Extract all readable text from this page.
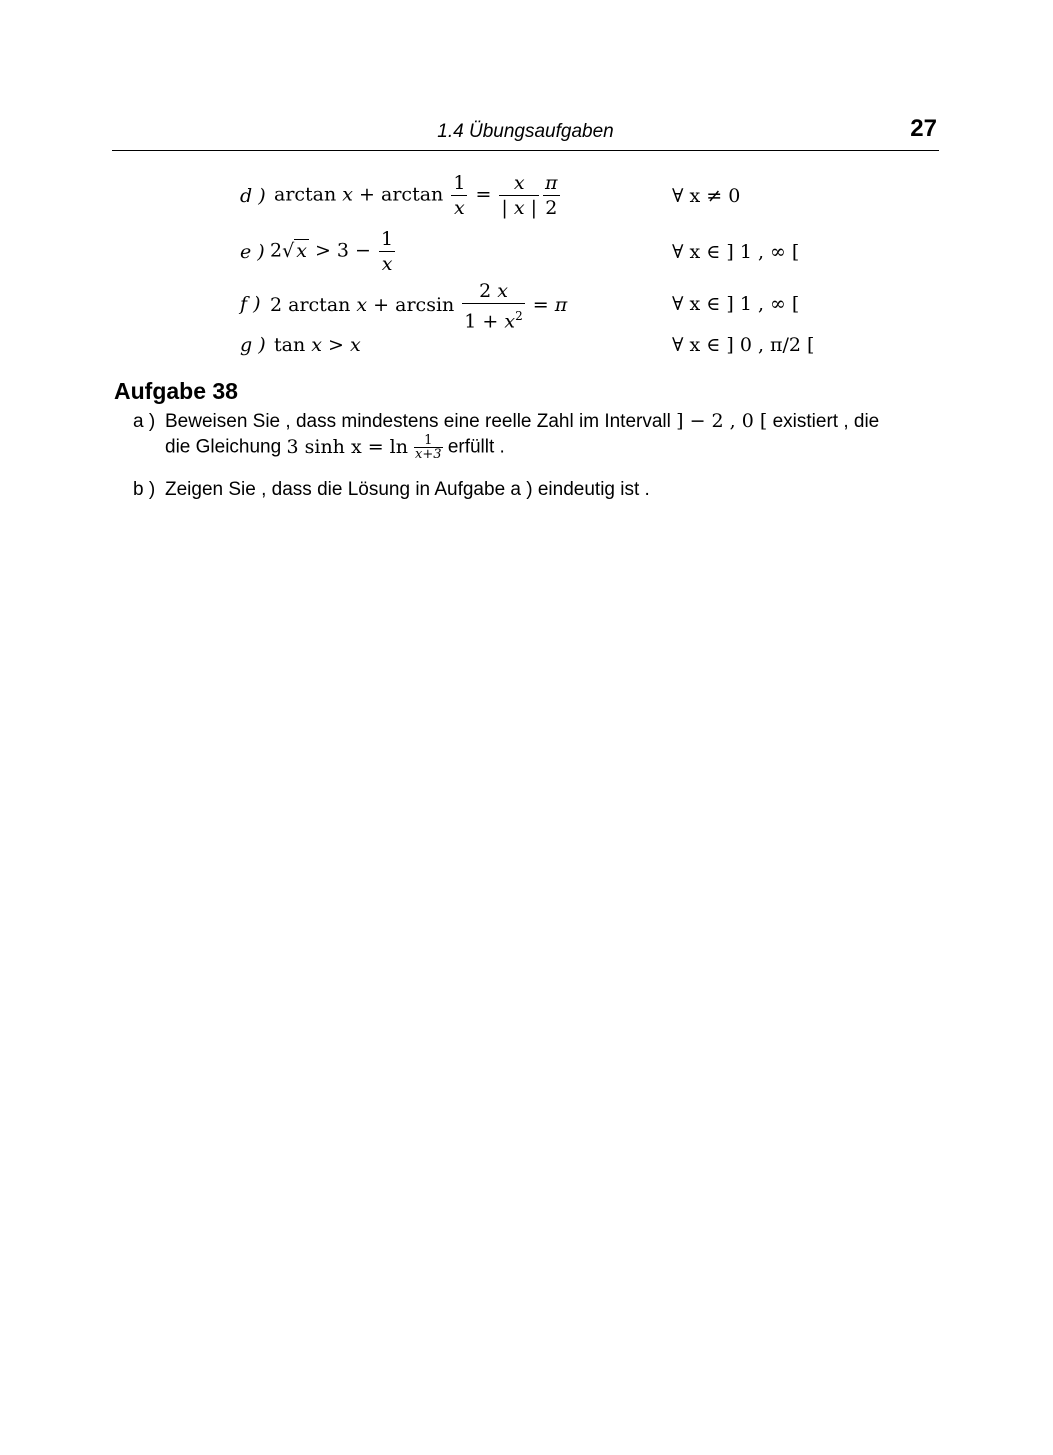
1.4 Übungsaufgaben	27
d ) $\arctan x + \arctan \frac{1}{x} = \frac{x}{| x |} \frac{\pi}{2}$	∀ x ≠ 0
e ) 2√ $x > 3 - \frac{1}{x}$	∀ x ∈ ] 1 , ∞ [
f ) 2 $\arctan x + \arcsin \frac{2 x}{1 + x^2} = \pi$	∀ x ∈ ] 1 , ∞ [
g ) tan x > x	∀ x ∈ ] 0 , π/2 [
Aufgabe 38
a ) Beweisen Sie , dass mindestens eine reelle Zahl im Intervall ] − 2 , 0 [ existiert , die
die Gleichung 3 $\sinh x = \ln \frac{1}{x+3}$ erfüllt .
b ) Zeigen Sie , dass die Lösung in Aufgabe a ) eindeutig ist .
